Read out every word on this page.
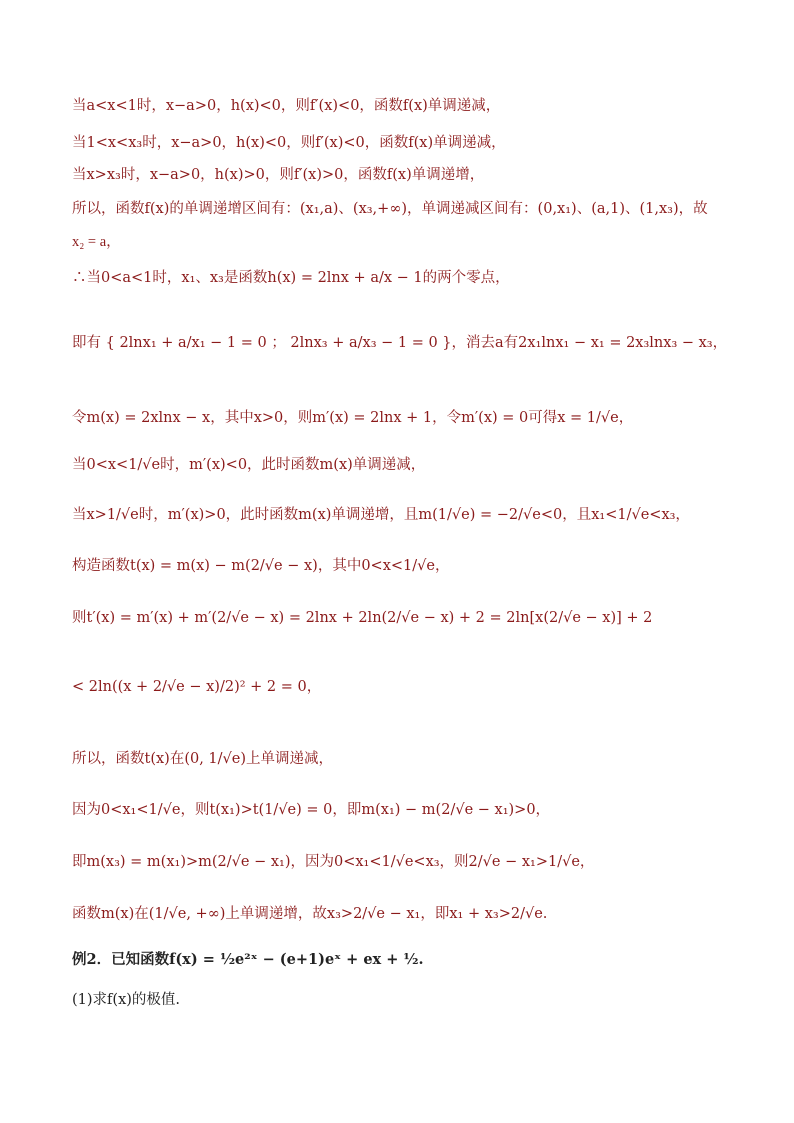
当a<x<1时，x−a>0，h(x)<0，则f′(x)<0，函数f(x)单调递减，
当1<x<x₃时，x−a>0，h(x)<0，则f′(x)<0，函数f(x)单调递减，
当x>x₃时，x−a>0，h(x)>0，则f′(x)>0，函数f(x)单调递增，
所以，函数f(x)的单调递增区间有：(x₁,a)、(x₃,+∞)，单调递减区间有：(0,x₁)、(a,1)、(1,x₃)，故
x₂ = a，
∴当0<a<1时，x₁、x₃是函数h(x) = 2lnx + a/x − 1的两个零点，
即有 { 2lnx₁ + a/x₁ − 1 = 0 ； 2lnx₃ + a/x₃ − 1 = 0 }，消去a有2x₁lnx₁ − x₁ = 2x₃lnx₃ − x₃，
令m(x) = 2xlnx − x，其中x>0，则m′(x) = 2lnx + 1，令m′(x) = 0可得x = 1/√e，
当0<x<1/√e时，m′(x)<0，此时函数m(x)单调递减，
当x>1/√e时，m′(x)>0，此时函数m(x)单调递增，且m(1/√e) = −2/√e<0，且x₁<1/√e<x₃，
构造函数t(x) = m(x) − m(2/√e − x)，其中0<x<1/√e，
则t′(x) = m′(x) + m′(2/√e − x) = 2lnx + 2ln(2/√e − x) + 2 = 2ln[x(2/√e − x)] + 2
< 2ln((x + 2/√e − x)/2)² + 2 = 0，
所以，函数t(x)在(0, 1/√e)上单调递减，
因为0<x₁<1/√e，则t(x₁)>t(1/√e) = 0，即m(x₁) − m(2/√e − x₁)>0，
即m(x₃) = m(x₁)>m(2/√e − x₁)，因为0<x₁<1/√e<x₃，则2/√e − x₁>1/√e，
函数m(x)在(1/√e, +∞)上单调递增，故x₃>2/√e − x₁，即x₁ + x₃>2/√e.
例2．已知函数f(x) = ½e²ˣ − (e+1)eˣ + ex + ½.
(1)求f(x)的极值.
